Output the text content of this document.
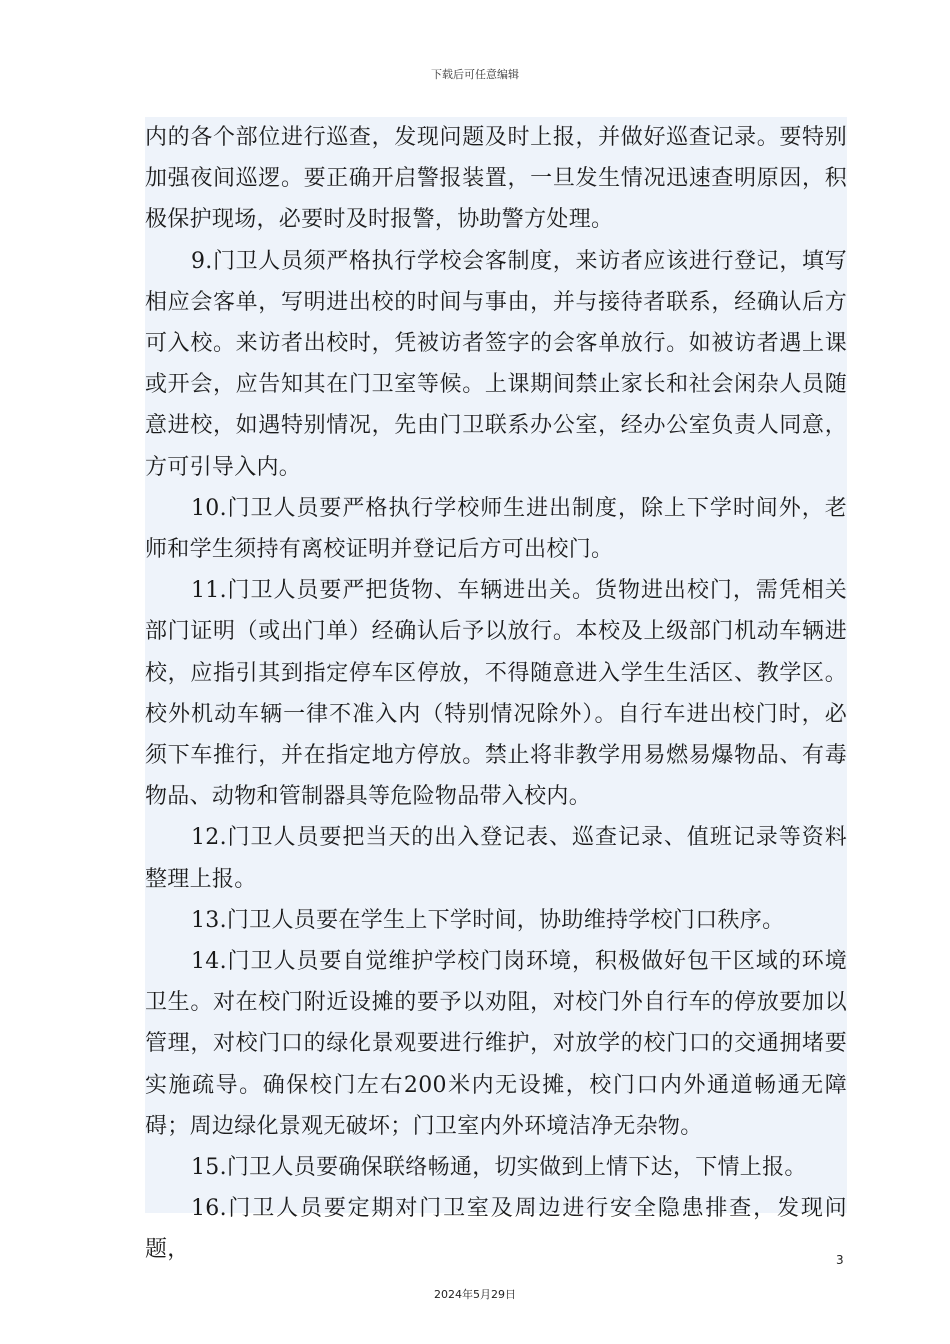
下载后可任意编辑

内的各个部位进行巡查，发现问题及时上报，并做好巡查记录。要特别加强夜间巡逻。要正确开启警报装置，一旦发生情况迅速查明原因，积极保护现场，必要时及时报警，协助警方处理。

9.门卫人员须严格执行学校会客制度，来访者应该进行登记，填写相应会客单，写明进出校的时间与事由，并与接待者联系，经确认后方可入校。来访者出校时，凭被访者签字的会客单放行。如被访者遇上课或开会，应告知其在门卫室等候。上课期间禁止家长和社会闲杂人员随意进校，如遇特别情况，先由门卫联系办公室，经办公室负责人同意，方可引导入内。

10.门卫人员要严格执行学校师生进出制度，除上下学时间外，老师和学生须持有离校证明并登记后方可出校门。

11.门卫人员要严把货物、车辆进出关。货物进出校门，需凭相关部门证明（或出门单）经确认后予以放行。本校及上级部门机动车辆进校，应指引其到指定停车区停放，不得随意进入学生生活区、教学区。校外机动车辆一律不准入内（特别情况除外）。自行车进出校门时，必须下车推行，并在指定地方停放。禁止将非教学用易燃易爆物品、有毒物品、动物和管制器具等危险物品带入校内。

12.门卫人员要把当天的出入登记表、巡查记录、值班记录等资料整理上报。

13.门卫人员要在学生上下学时间，协助维持学校门口秩序。

14.门卫人员要自觉维护学校门岗环境，积极做好包干区域的环境卫生。对在校门附近设摊的要予以劝阻，对校门外自行车的停放要加以管理，对校门口的绿化景观要进行维护，对放学的校门口的交通拥堵要实施疏导。确保校门左右200米内无设摊，校门口内外通道畅通无障碍；周边绿化景观无破坏；门卫室内外环境洁净无杂物。

15.门卫人员要确保联络畅通，切实做到上情下达，下情上报。

16.门卫人员要定期对门卫室及周边进行安全隐患排查，发现问题，	3
2024年5月29日
